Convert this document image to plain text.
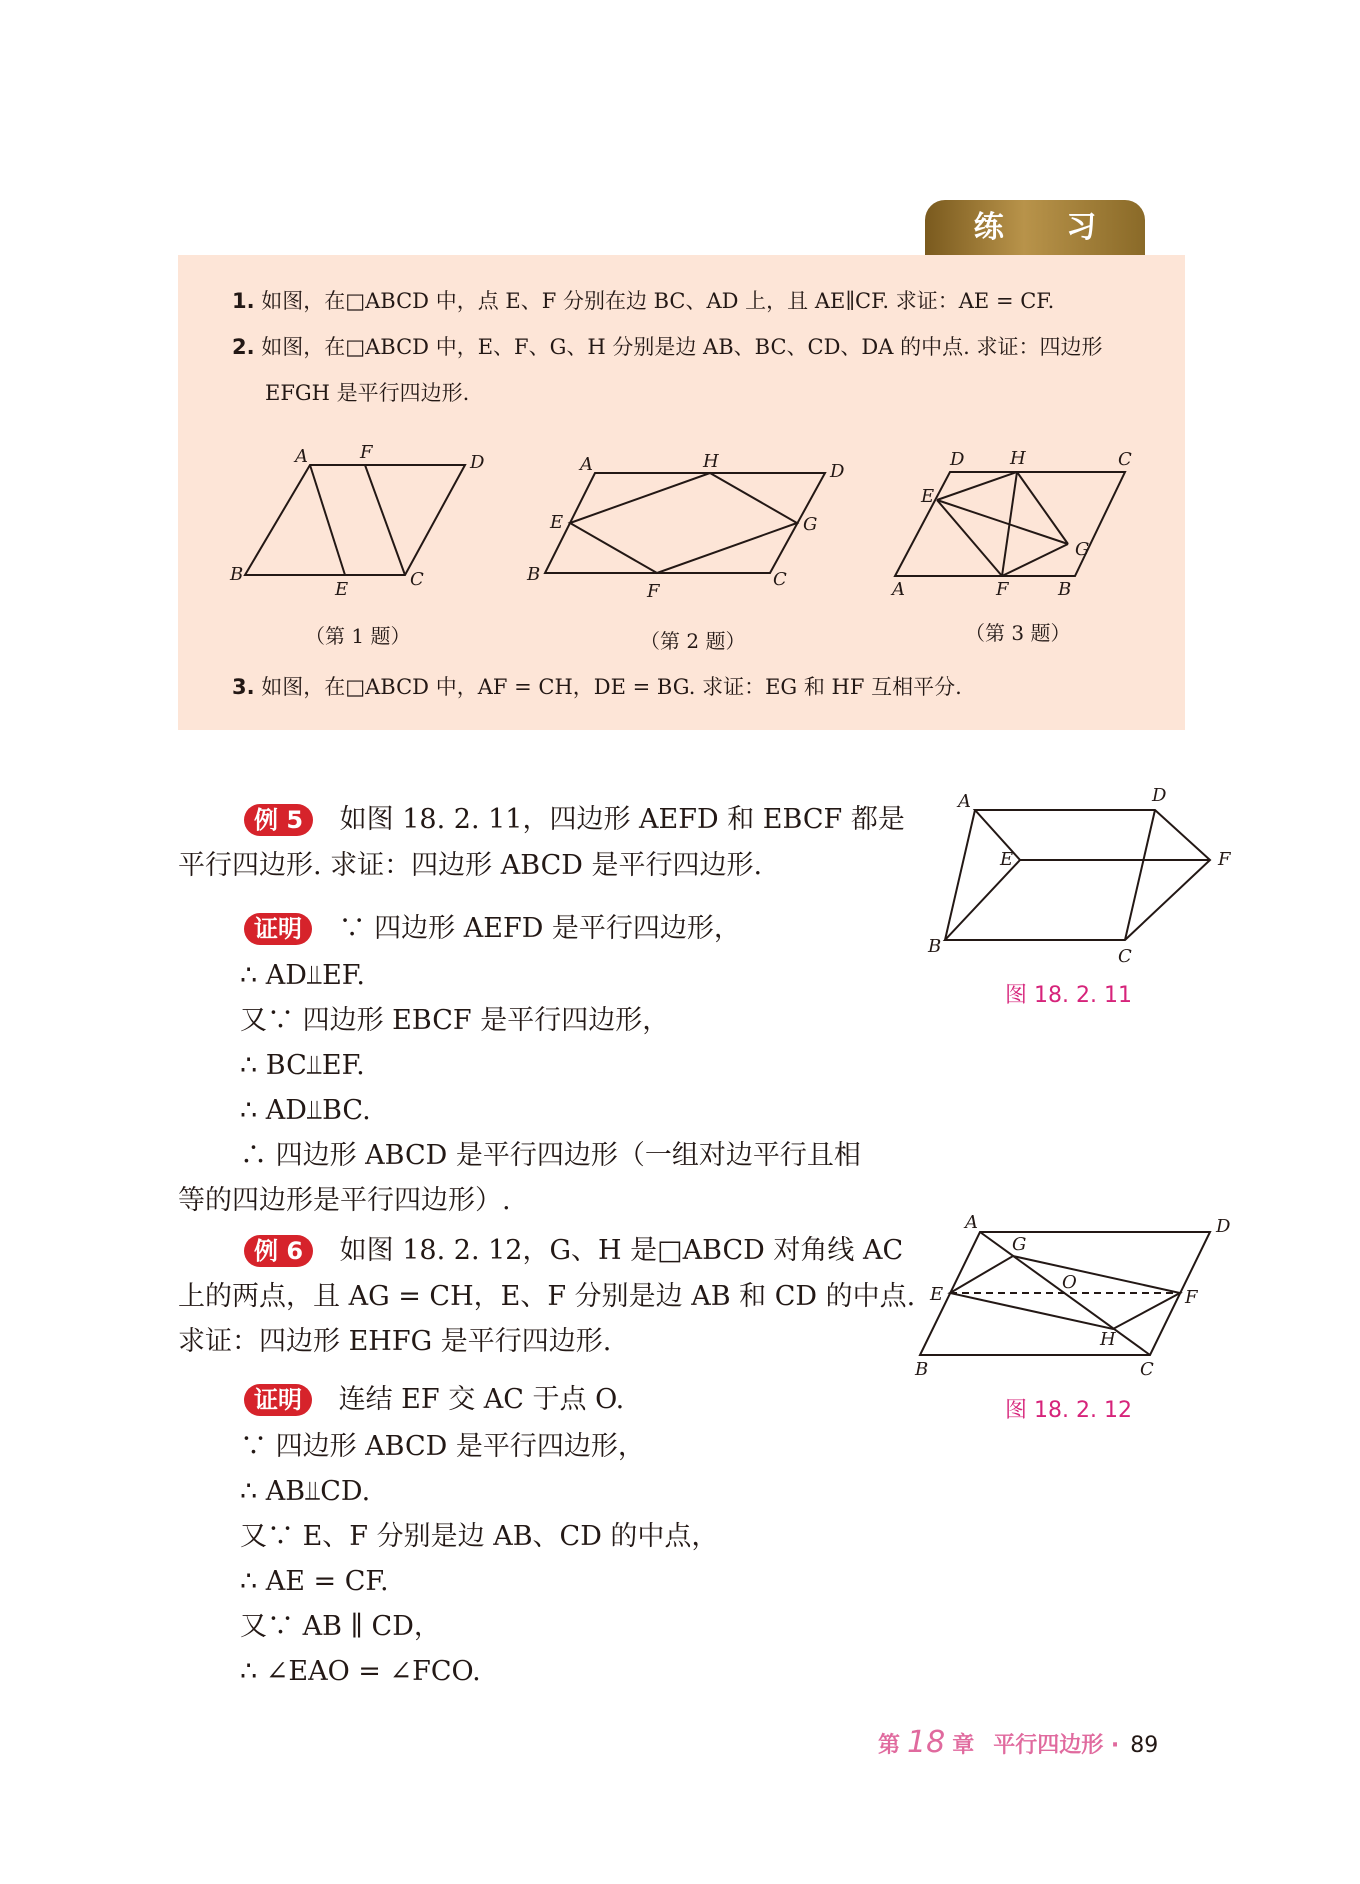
练 习
1. 如图，在□ABCD 中，点 E、F 分别在边 BC、AD 上，且 AE∥CF. 求证：AE = CF.
2. 如图，在□ABCD 中，E、F、G、H 分别是边 AB、BC、CD、DA 的中点. 求证：四边形
EFGH 是平行四边形.
A	F	D
B
E	C
（第 1 题）
A	H	D
E	G
B
F
C
（第 2 题）
D	H	C
E
G
A	F	B
（第 3 题）
3. 如图，在□ABCD 中，AF = CH，DE = BG. 求证：EG 和 HF 互相平分.
例 5 如图 18. 2. 11，四边形 AEFD 和 EBCF 都是
平行四边形. 求证：四边形 ABCD 是平行四边形.
证明 ∵ 四边形 AEFD 是平行四边形，
∴ AD⫫EF.
又∵ 四边形 EBCF 是平行四边形，
∴ BC⫫EF.
∴ AD⫫BC.
∴ 四边形 ABCD 是平行四边形（一组对边平行且相
等的四边形是平行四边形）.
A	D
E	F
B	C
图 18. 2. 11
例 6 如图 18. 2. 12，G、H 是□ABCD 对角线 AC
上的两点，且 AG = CH，E、F 分别是边 AB 和 CD 的中点.
求证：四边形 EHFG 是平行四边形.
证明 连结 EF 交 AC 于点 O.
∵ 四边形 ABCD 是平行四边形，
∴ AB⫫CD.
又∵ E、F 分别是边 AB、CD 的中点，
∴ AE = CF.
又∵ AB ∥ CD，
∴ ∠EAO = ∠FCO.
A
G
D
E
O
F
H
B	C
图 18. 2. 12
第 18 章 平行四边形 · 89
